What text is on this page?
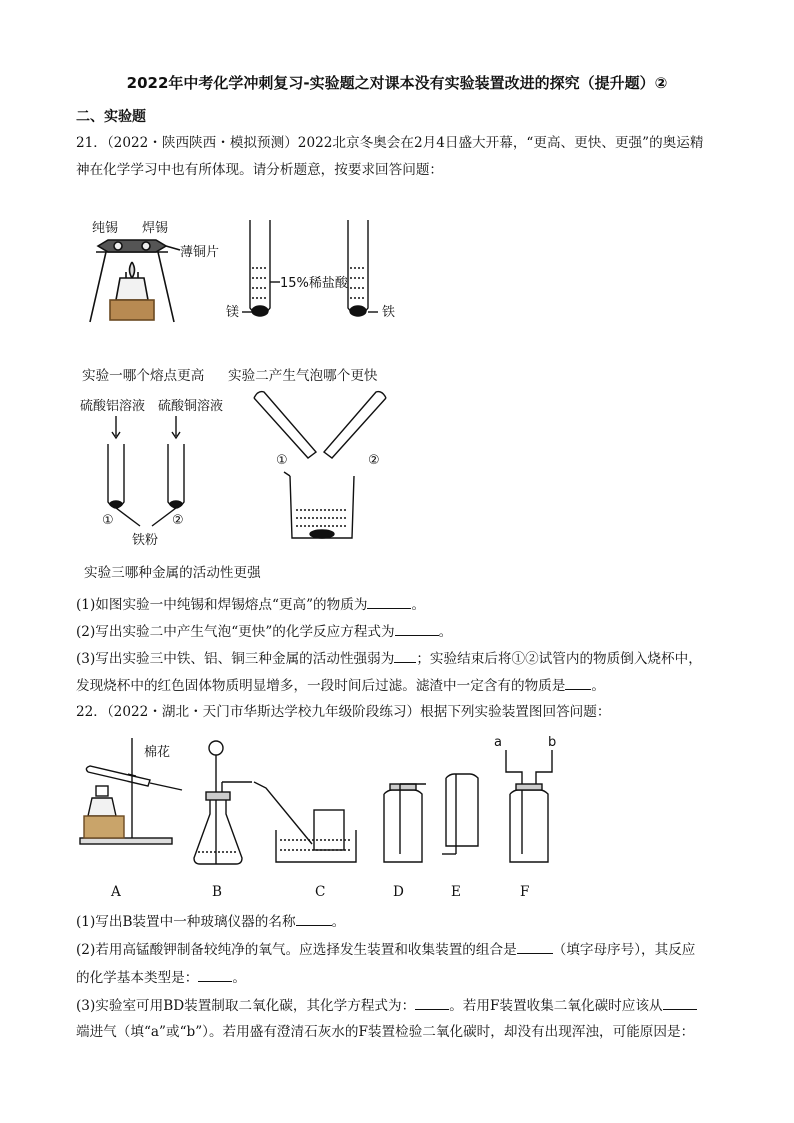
2022年中考化学冲刺复习-实验题之对课本没有实验装置改进的探究（提升题）②
二、实验题
21．（2022・陕西陕西・模拟预测）2022北京冬奥会在2月4日盛大开幕，“更高、更快、更强”的奥运精
神在化学学习中也有所体现。请分析题意，按要求回答问题：
纯锡 焊锡
薄铜片
15%稀盐酸
镁	铁
实验一哪个熔点更高 实验二产生气泡哪个更快
硫酸铝溶液 硫酸铜溶液
①	②
铁粉
①	②
实验三哪种金属的活动性更强
(1)如图实验一中纯锡和焊锡熔点“更高”的物质为	。
(2)写出实验二中产生气泡“更快”的化学反应方程式为	。
(3)写出实验三中铁、铝、铜三种金属的活动性强弱为 ；实验结束后将①②试管内的物质倒入烧杯中，
发现烧杯中的红色固体物质明显增多，一段时间后过滤。滤渣中一定含有的物质是 。
22．（2022・湖北・天门市华斯达学校九年级阶段练习）根据下列实验装置图回答问题：
棉花
a	b
A	B	C	D	E	F
(1)写出B装置中一种玻璃仪器的名称	。
(2)若用高锰酸钾制备较纯净的氧气。应选择发生装置和收集装置的组合是	（填字母序号），其反应
的化学基本类型是：	。
(3)实验室可用BD装置制取二氧化碳，其化学方程式为：	。若用F装置收集二氧化碳时应该从
端进气（填“a”或“b”）。若用盛有澄清石灰水的F装置检验二氧化碳时，却没有出现浑浊，可能原因是：
